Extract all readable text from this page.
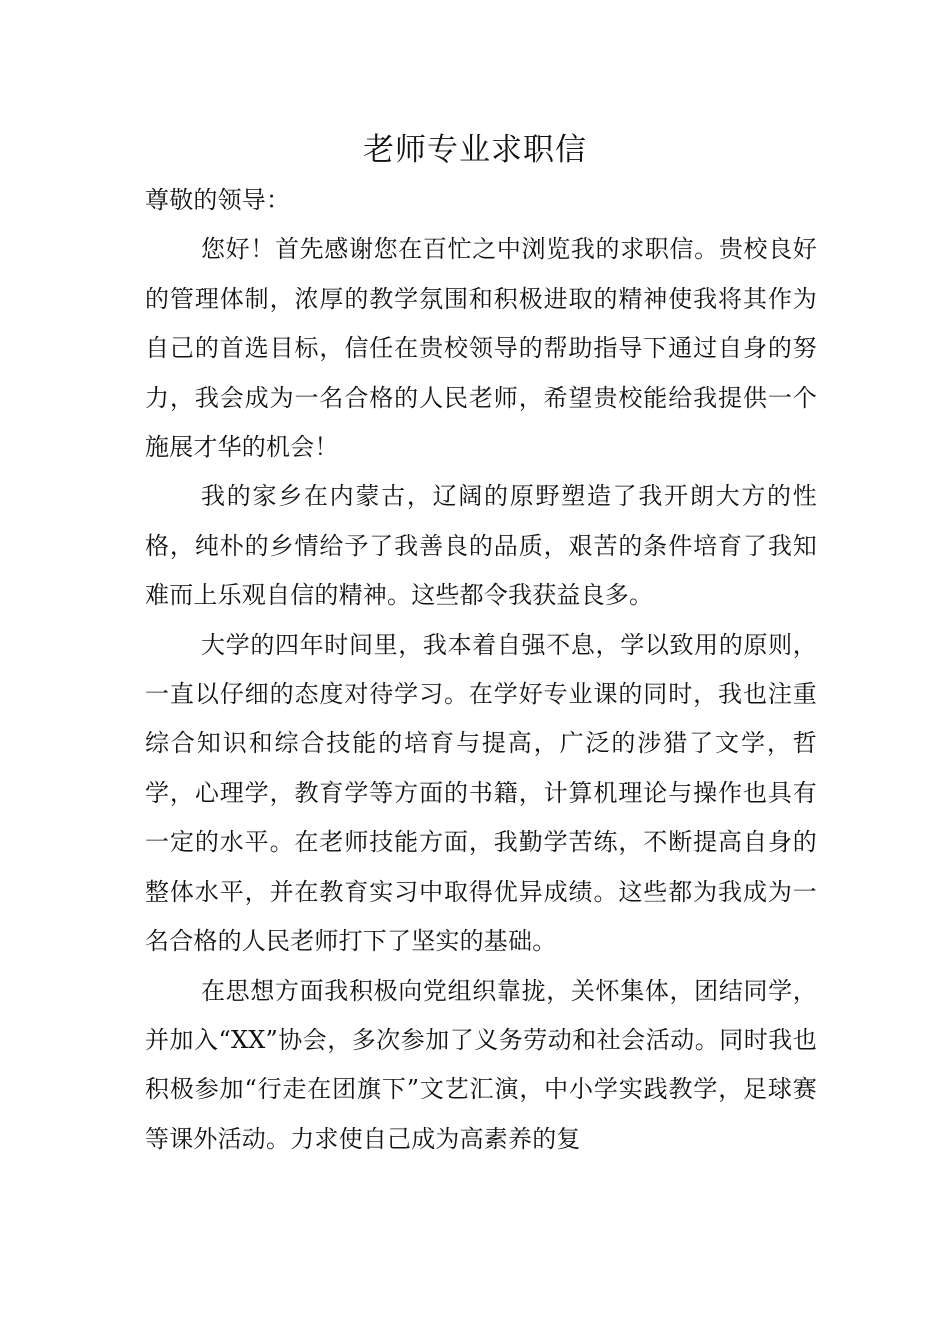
老师专业求职信

尊敬的领导：

您好！首先感谢您在百忙之中浏览我的求职信。贵校良好的管理体制，浓厚的教学氛围和积极进取的精神使我将其作为自己的首选目标，信任在贵校领导的帮助指导下通过自身的努力，我会成为一名合格的人民老师，希望贵校能给我提供一个施展才华的机会！

我的家乡在内蒙古，辽阔的原野塑造了我开朗大方的性格，纯朴的乡情给予了我善良的品质，艰苦的条件培育了我知难而上乐观自信的精神。这些都令我获益良多。

大学的四年时间里，我本着自强不息，学以致用的原则，一直以仔细的态度对待学习。在学好专业课的同时，我也注重综合知识和综合技能的培育与提高，广泛的涉猎了文学，哲学，心理学，教育学等方面的书籍，计算机理论与操作也具有一定的水平。在老师技能方面，我勤学苦练，不断提高自身的整体水平，并在教育实习中取得优异成绩。这些都为我成为一名合格的人民老师打下了坚实的基础。

在思想方面我积极向党组织靠拢，关怀集体，团结同学，并加入“XX”协会，多次参加了义务劳动和社会活动。同时我也积极参加“行走在团旗下”文艺汇演，中小学实践教学，足球赛等课外活动。力求使自己成为高素养的复
